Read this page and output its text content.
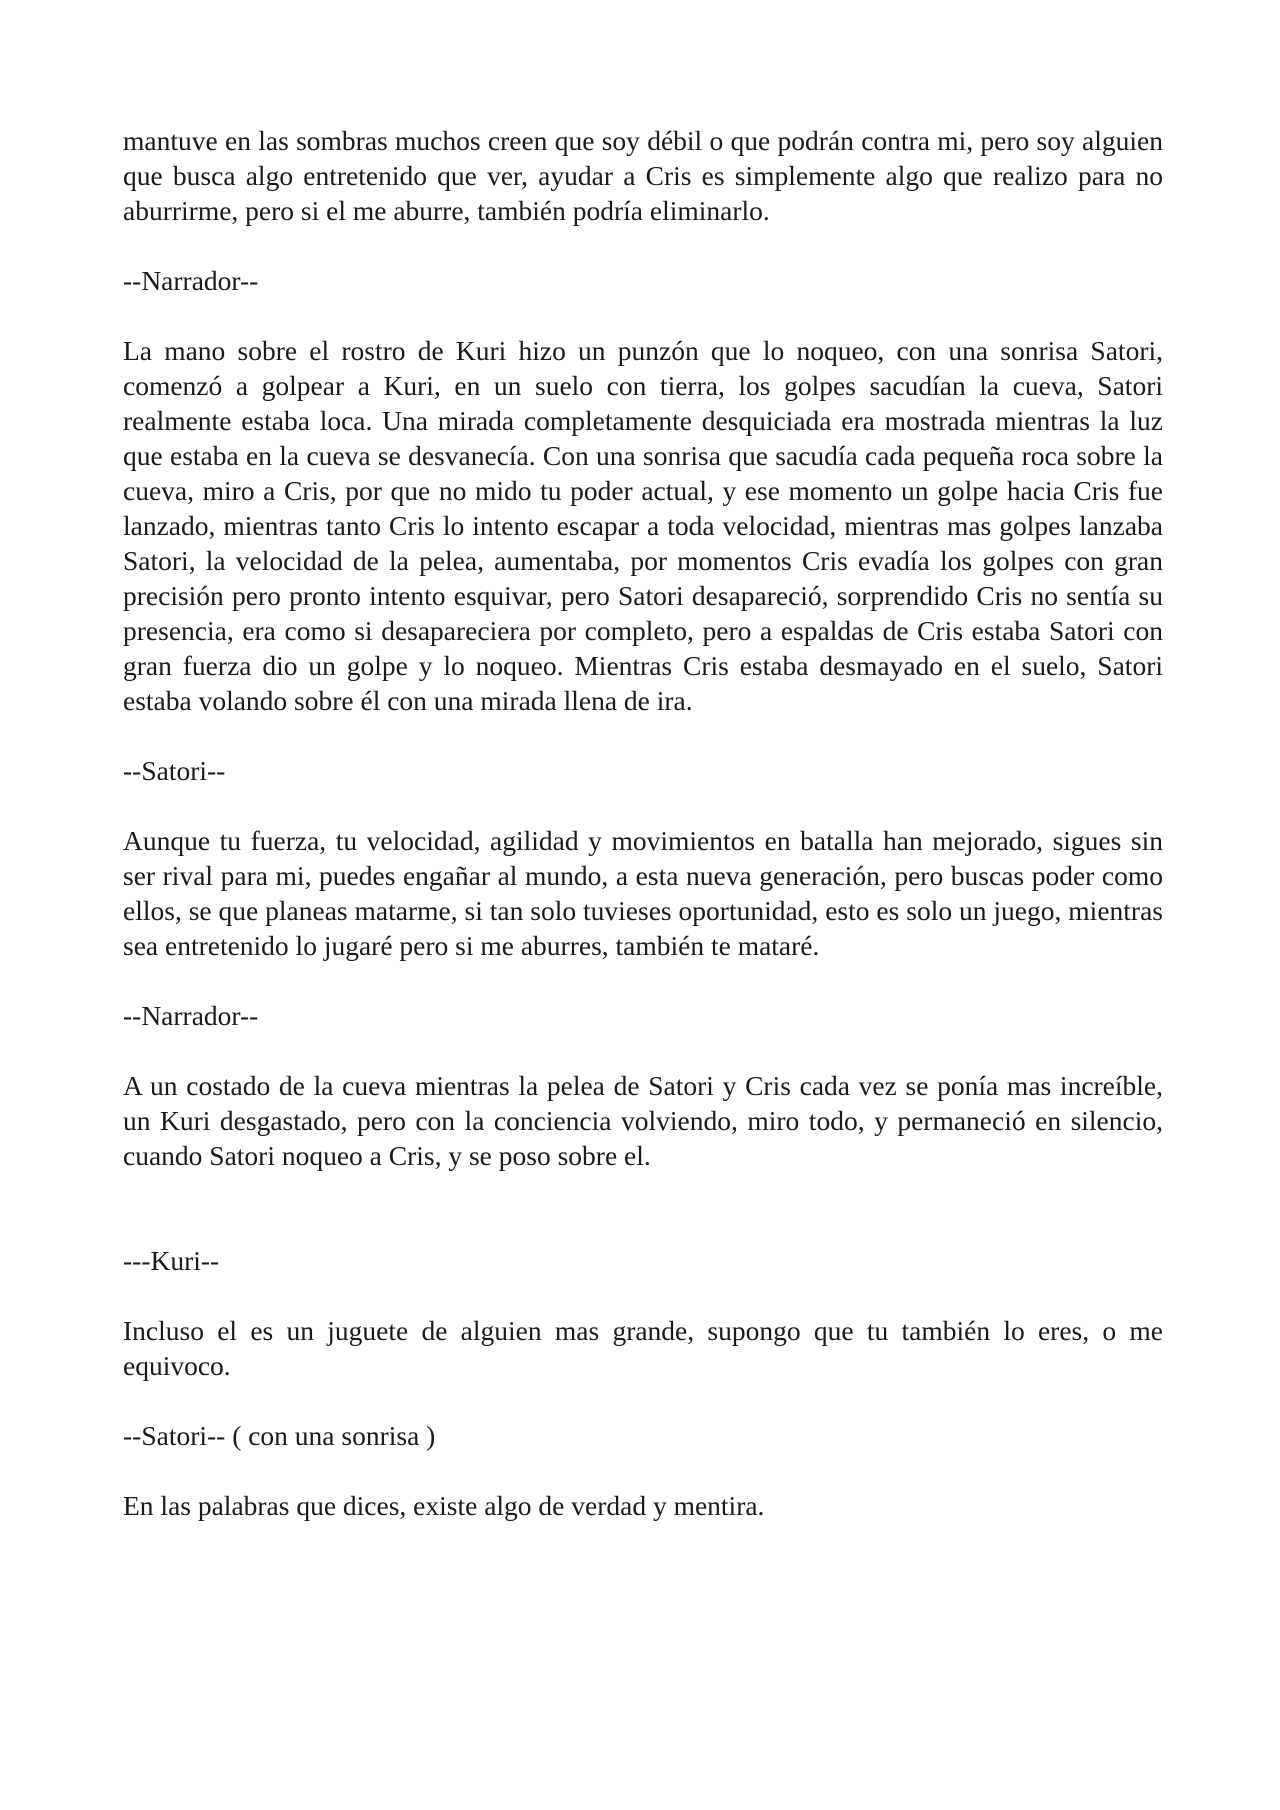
mantuve en las sombras muchos creen que soy débil o que podrán contra mi, pero soy alguien que busca algo entretenido que ver, ayudar a Cris es simplemente algo que realizo para no aburrirme, pero si el me aburre, también podría eliminarlo.

--Narrador--

La mano sobre el rostro de Kuri hizo un punzón que lo noqueo, con una sonrisa Satori, comenzó a golpear a Kuri, en un suelo con tierra, los golpes sacudían la cueva, Satori realmente estaba loca. Una mirada completamente desquiciada era mostrada mientras la luz que estaba en la cueva se desvanecía. Con una sonrisa que sacudía cada pequeña roca sobre la cueva, miro a Cris, por que no mido tu poder actual, y ese momento un golpe hacia Cris fue lanzado, mientras tanto Cris lo intento escapar a toda velocidad, mientras mas golpes lanzaba Satori, la velocidad de la pelea, aumentaba, por momentos Cris evadía los golpes con gran precisión pero pronto intento esquivar, pero Satori desapareció, sorprendido Cris no sentía su presencia, era como si desapareciera por completo, pero a espaldas de Cris estaba Satori con gran fuerza dio un golpe y lo noqueo. Mientras Cris estaba desmayado en el suelo, Satori estaba volando sobre él con una mirada llena de ira.

--Satori--

Aunque tu fuerza, tu velocidad, agilidad y movimientos en batalla han mejorado, sigues sin ser rival para mi, puedes engañar al mundo, a esta nueva generación, pero buscas poder como ellos, se que planeas matarme, si tan solo tuvieses oportunidad, esto es solo un juego, mientras sea entretenido lo jugaré pero si me aburres, también te mataré.

--Narrador--

A un costado de la cueva mientras la pelea de Satori y Cris cada vez se ponía mas increíble, un Kuri desgastado, pero con la conciencia volviendo, miro todo, y permaneció en silencio, cuando Satori noqueo a Cris, y se poso sobre el.

---Kuri--

Incluso el es un juguete de alguien mas grande, supongo que tu también lo eres, o me equivoco.

--Satori-- ( con una sonrisa )

En las palabras que dices, existe algo de verdad y mentira.
